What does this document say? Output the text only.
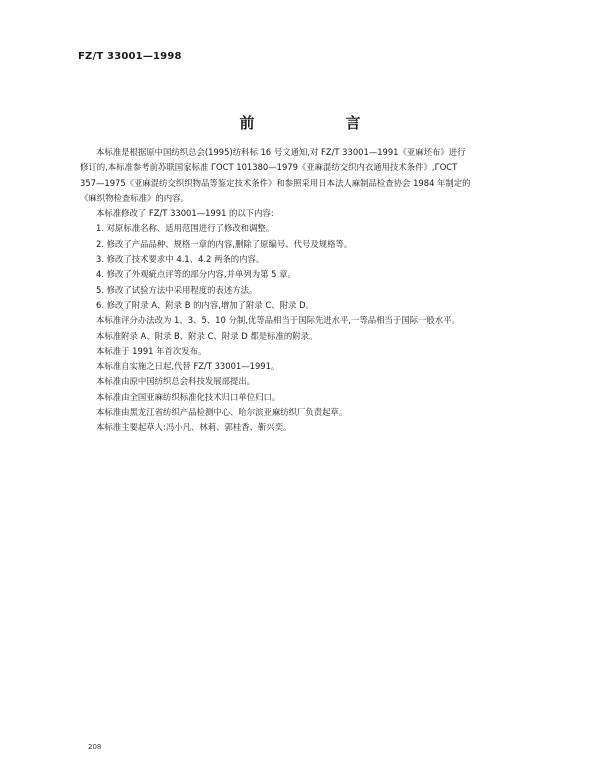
FZ/T 33001—1998
前　言

本标准是根据原中国纺织总会(1995)纺科标 16 号文通知,对 FZ/T 33001—1991《亚麻坯布》进行

修订的,本标准参考前苏联国家标准 ГОСТ 101380—1979《亚麻混纺交织内衣通用技术条件》,ГОСТ

357—1975《亚麻混纺交织织物品等鉴定技术条件》和参照采用日本法人麻制品检查协会 1984 年制定的

《麻织物检查标准》的内容。

本标准修改了 FZ/T 33001—1991 的以下内容:

1. 对原标准名称、适用范围进行了修改和调整。

2. 修改了产品品种、规格一章的内容,删除了原编号、代号及规格等。

3. 修改了技术要求中 4.1、4.2 两条的内容。

4. 修改了外观疵点评等的部分内容,并单列为第 5 章。

5. 修改了试验方法中采用程度的表述方法。

6. 修改了附录 A、附录 B 的内容,增加了附录 C、附录 D。

本标准评分办法改为 1、3、5、10 分制,优等品相当于国际先进水平,一等品相当于国际一般水平。

本标准附录 A、附录 B、附录 C、附录 D 都是标准的附录。

本标准于 1991 年首次发布。

本标准自实施之日起,代替 FZ/T 33001—1991。

本标准由原中国纺织总会科技发展部提出。

本标准由全国亚麻纺织标准化技术归口单位归口。

本标准由黑龙江省纺织产品检测中心、哈尔滨亚麻纺织厂负责起草。

本标准主要起草人:冯小凡、林莉、郭桂香、靳兴奕。

208
